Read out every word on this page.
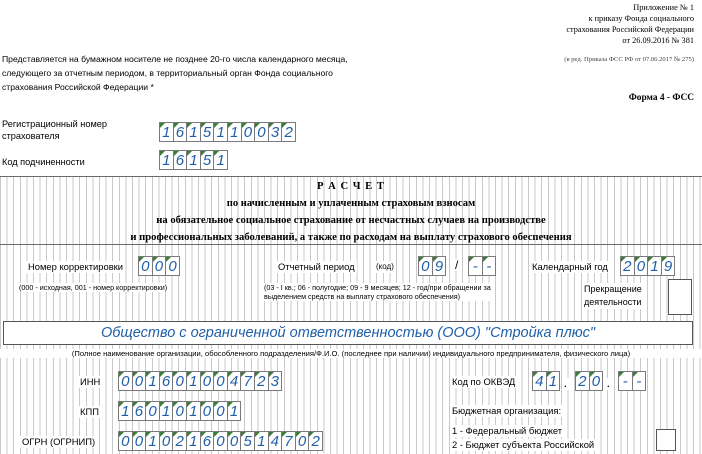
Приложение № 1
к приказу Фонда социального
страхования Российской Федерации
от 26.09.2016 № 381
(в ред. Приказа ФСС РФ от 07.06.2017 № 275)
Форма 4 - ФСС
Представляется на бумажном носителе не позднее 20-го числа календарного месяца,
следующего за отчетным периодом, в территориальный орган Фонда социального
страхования Российской Федерации *
Регистрационный номер
страхователя	1 6 1 5 1 1 0 0 3 2
Код подчиненности	1 6 1 5 1
Р А С Ч Е Т
по начисленным и уплаченным страховым взносам
на обязательное социальное страхование от несчастных случаев на производстве
и профессиональных заболеваний, а также по расходам на выплату страхового обеспечения
Номер корректировки 0 0 0	Отчетный период	(код) 0 9 / - -	Календарный год 2 0 1 9
(000 - исходная, 001 - номер корректировки)	(03 - I кв.; 06 - полугодие; 09 - 9 месяцев; 12 - год/при обращении за
выделением средств на выплату страхового обеспечения)
Прекращение
деятельности
Общество с ограниченной ответственностью (ООО) "Стройка плюс"
(Полное наименование организации, обособленного подразделения/Ф.И.О. (последнее при наличии) индивидуального предпринимателя, физического лица)
ИНН 0 0 1 6 0 1 0 0 4 7 2 3	Код по ОКВЭД 4 1 . 2 0 . - -
КПП 1 6 0 1 0 1 0 0 1	Бюджетная организация:
1 - Федеральный бюджет
2 - Бюджет субъекта Российской
ОГРН (ОГРНИП) 0 0 1 0 2 1 6 0 0 5 1 4 7 0 2
